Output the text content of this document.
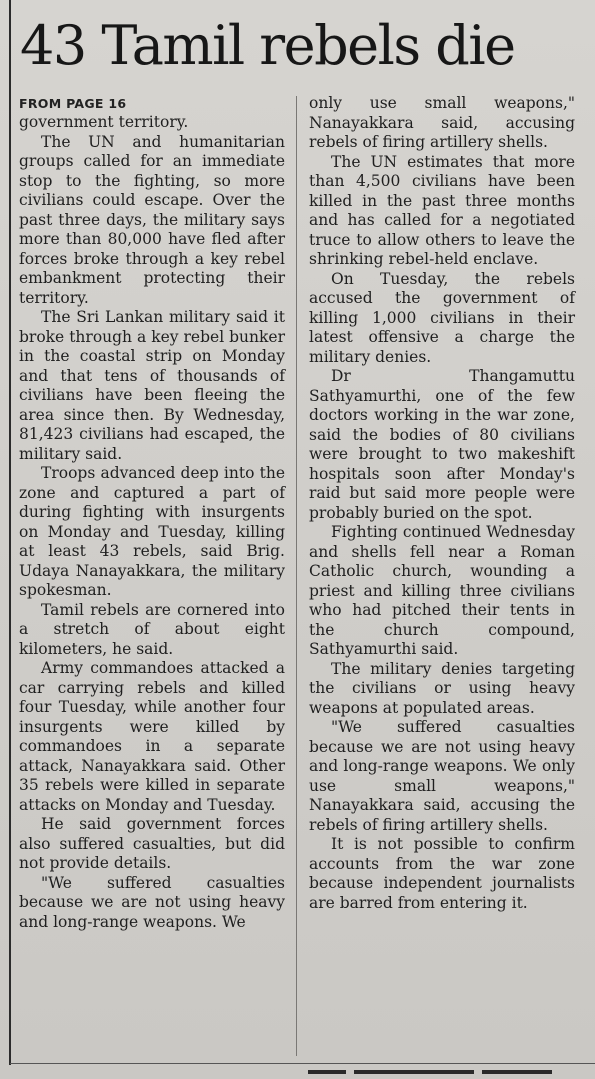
43 Tamil rebels die
FROM PAGE 16

government territory.

The UN and humanitarian groups called for an immediate stop to the fighting, so more civilians could escape. Over the past three days, the military says more than 80,000 have fled after forces broke through a key rebel embankment protecting their territory.

The Sri Lankan military said it broke through a key rebel bunker in the coastal strip on Monday and that tens of thousands of civilians have been fleeing the area since then. By Wednesday, 81,423 civilians had escaped, the military said.

Troops advanced deep into the zone and captured a part of during fighting with insurgents on Monday and Tuesday, killing at least 43 rebels, said Brig. Udaya Nanayakkara, the military spokesman.

Tamil rebels are cornered into a stretch of about eight kilometers, he said.

Army commandoes attacked a car carrying rebels and killed four Tuesday, while another four insurgents were killed by commandoes in a separate attack, Nanayakkara said. Other 35 rebels were killed in separate attacks on Monday and Tuesday.

He said government forces also suffered casualties, but did not provide details.

"We suffered casualties because we are not using heavy and long-range weapons. We

only use small weapons," Nanayakkara said, accusing rebels of firing artillery shells.

The UN estimates that more than 4,500 civilians have been killed in the past three months and has called for a negotiated truce to allow others to leave the shrinking rebel-held enclave.

On Tuesday, the rebels accused the government of killing 1,000 civilians in their latest offensive a charge the military denies.

Dr Thangamuttu Sathyamurthi, one of the few doctors working in the war zone, said the bodies of 80 civilians were brought to two makeshift hospitals soon after Monday's raid but said more people were probably buried on the spot.

Fighting continued Wednesday and shells fell near a Roman Catholic church, wounding a priest and killing three civilians who had pitched their tents in the church compound, Sathyamurthi said.

The military denies targeting the civilians or using heavy weapons at populated areas.

"We suffered casualties because we are not using heavy and long-range weapons. We only use small weapons," Nanayakkara said, accusing the rebels of firing artillery shells.

It is not possible to confirm accounts from the war zone because independent journalists are barred from entering it.
